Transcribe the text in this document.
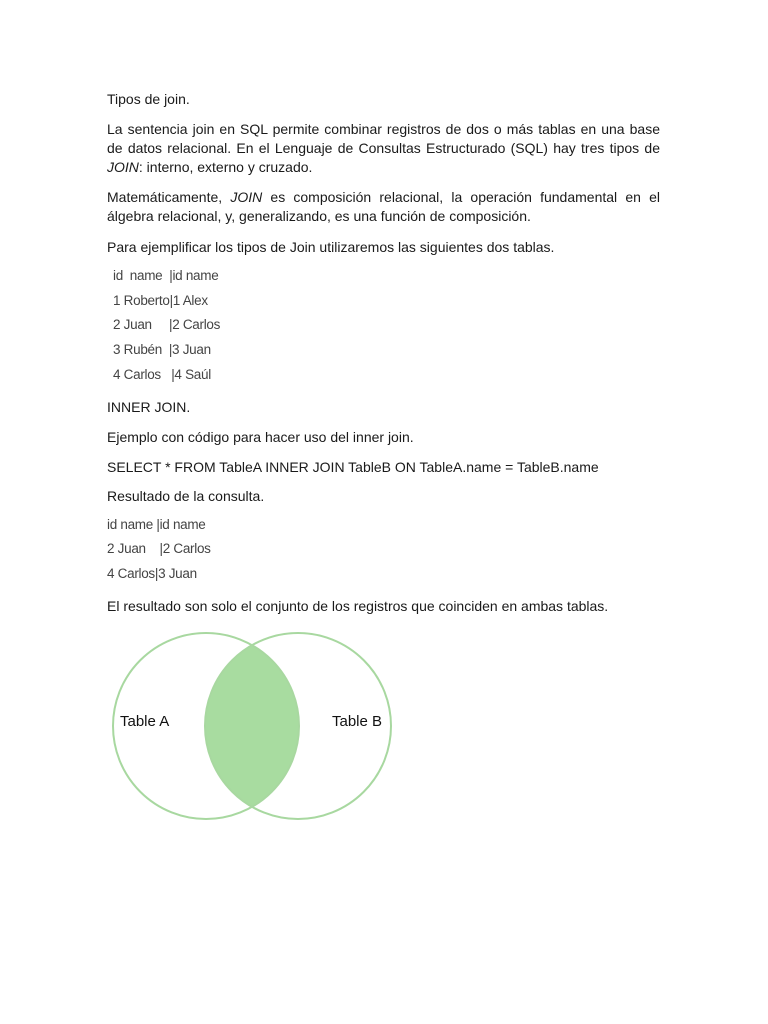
Tipos de join.
La sentencia join en SQL permite combinar registros de dos o más tablas en una base de datos relacional. En el Lenguaje de Consultas Estructurado (SQL) hay tres tipos de JOIN: interno, externo y cruzado.
Matemáticamente, JOIN es composición relacional, la operación fundamental en el álgebra relacional, y, generalizando, es una función de composición.
Para ejemplificar los tipos de Join utilizaremos las siguientes dos tablas.
id  name  |id name
1 Roberto|1 Alex
2 Juan     |2 Carlos
3 Rubén  |3 Juan
4 Carlos   |4 Saúl
INNER JOIN.
Ejemplo con código para hacer uso del inner join.
SELECT * FROM TableA INNER JOIN TableB ON TableA.name = TableB.name
Resultado de la consulta.
id name |id name
2 Juan    |2 Carlos
4 Carlos|3 Juan
El resultado son solo el conjunto de los registros que coinciden en ambas tablas.
Table A	Table B
